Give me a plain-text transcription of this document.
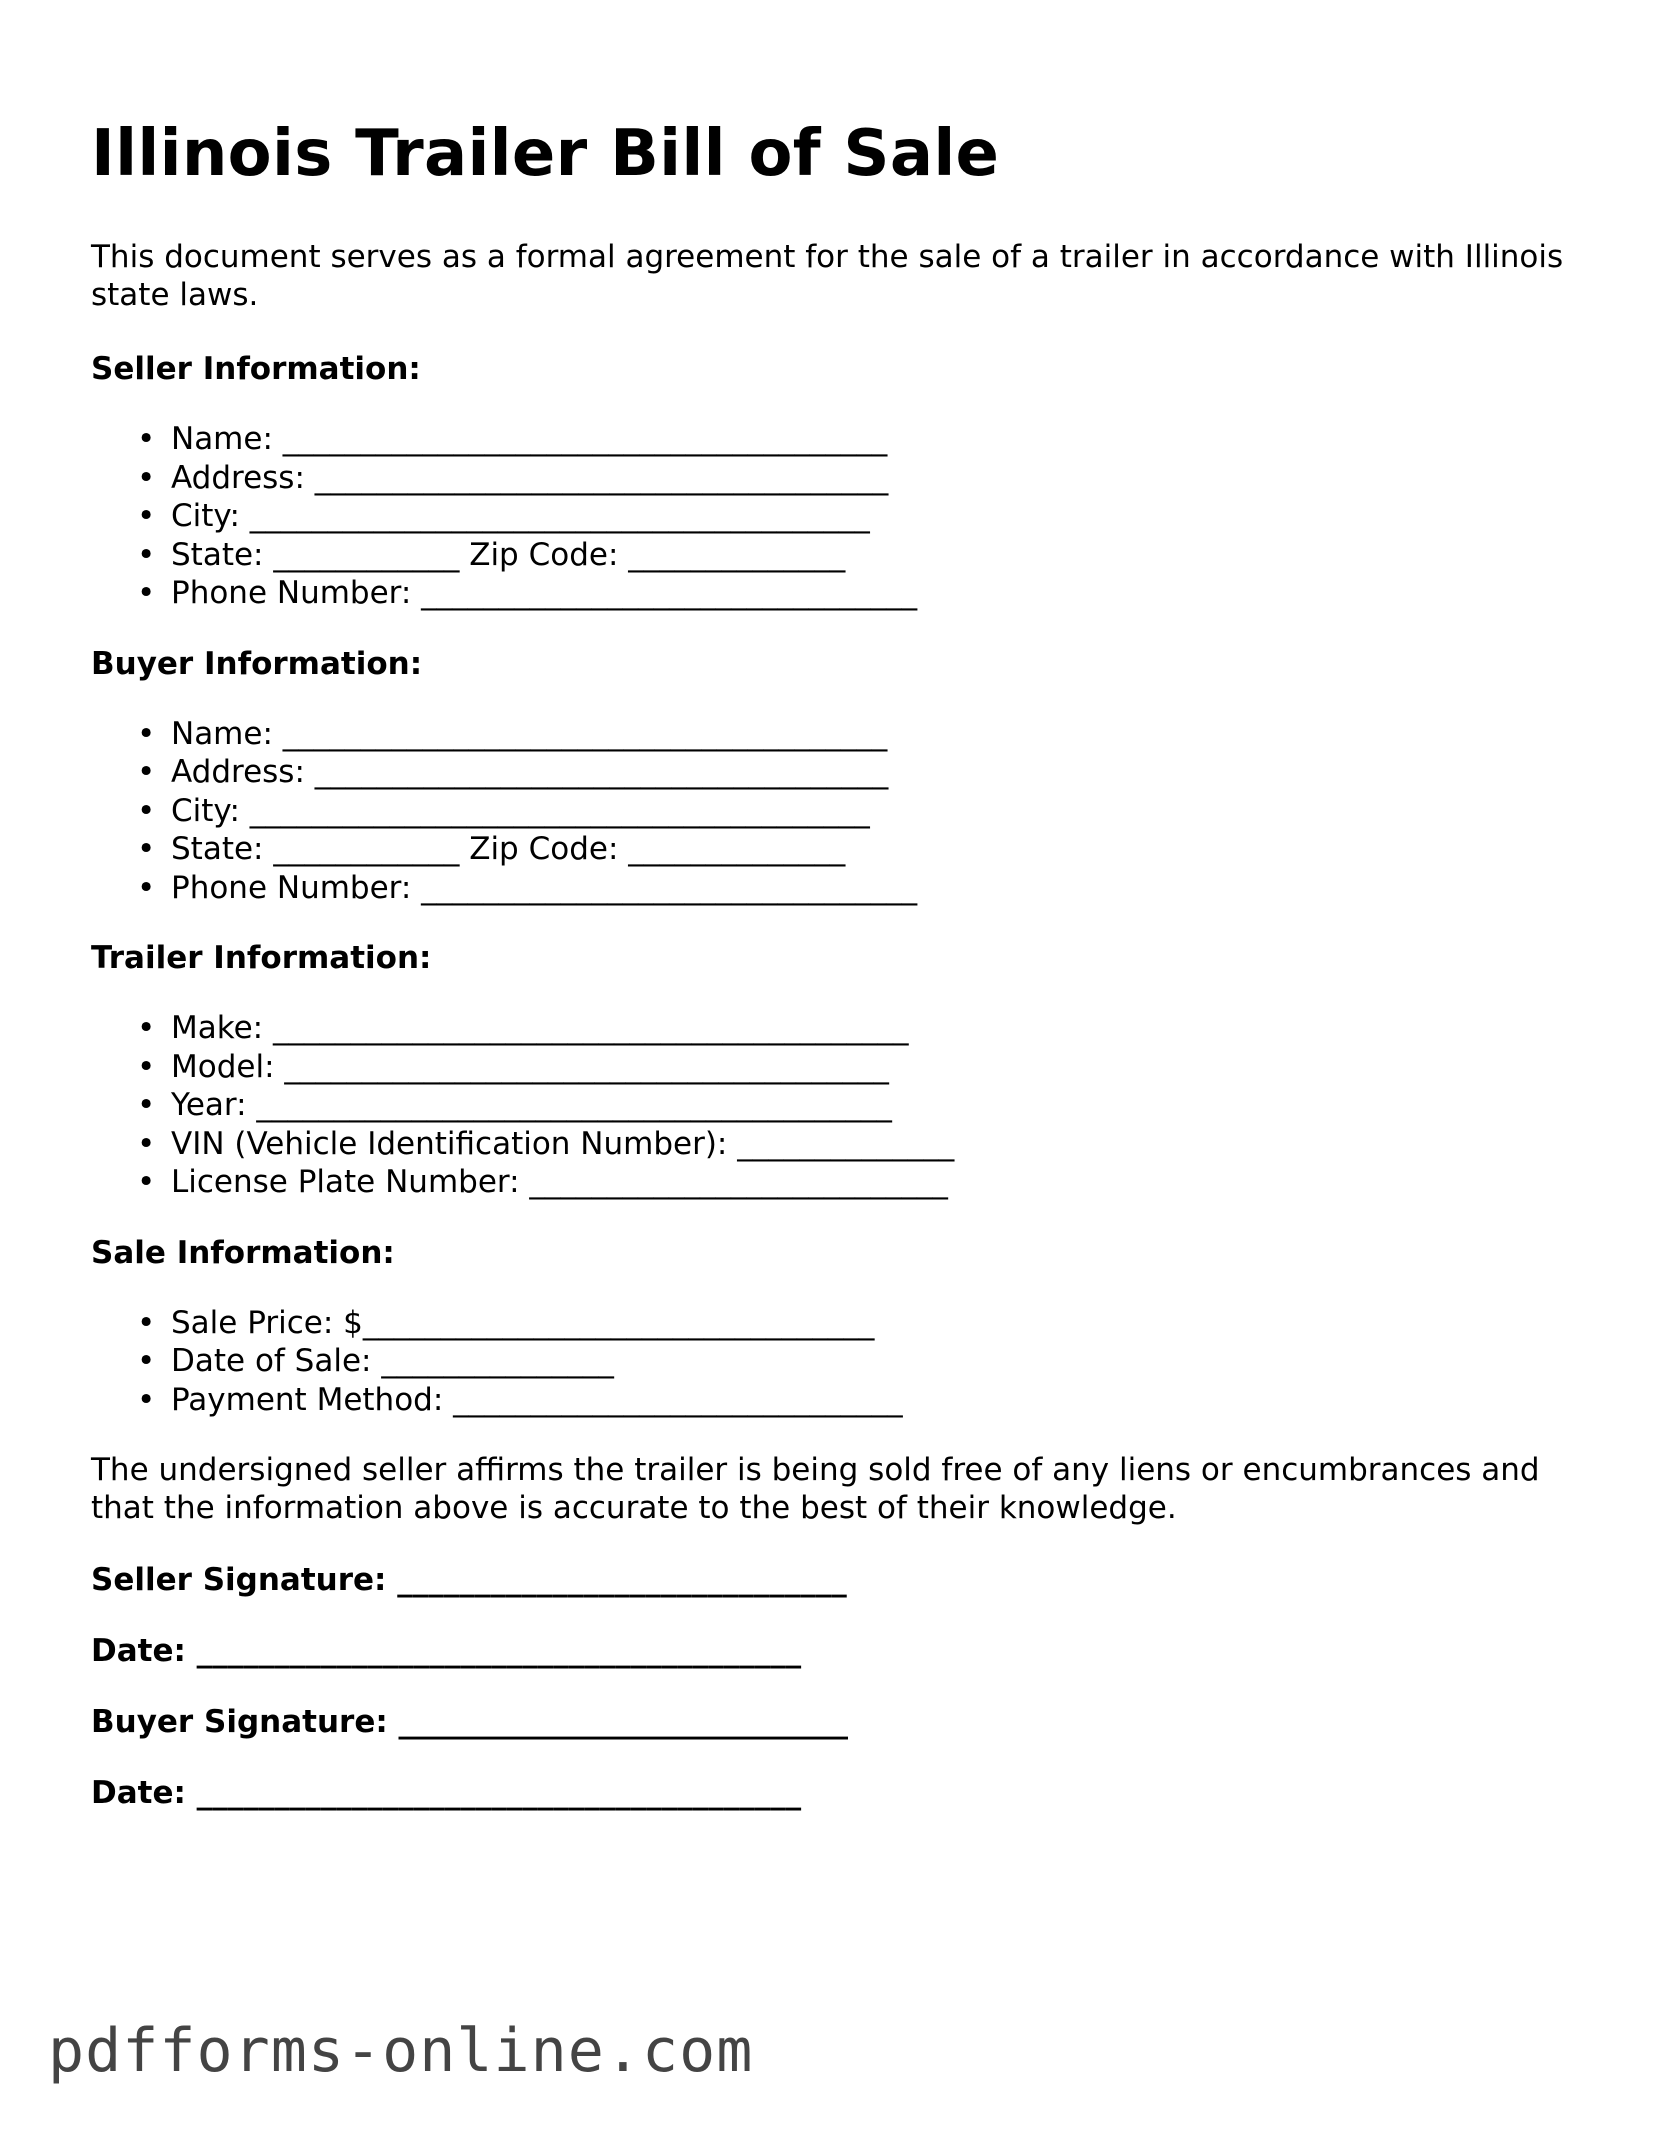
Illinois Trailer Bill of Sale

This document serves as a formal agreement for the sale of a trailer in accordance with Illinois state laws.

Seller Information:
• Name: _______________________________________
• Address: _____________________________________
• City: ________________________________________
• State: ____________ Zip Code: ______________
• Phone Number: ________________________________
Buyer Information:
• Name: _______________________________________
• Address: _____________________________________
• City: ________________________________________
• State: ____________ Zip Code: ______________
• Phone Number: ________________________________
Trailer Information:
• Make: _________________________________________
• Model: _______________________________________
• Year: _________________________________________
• VIN (Vehicle Identification Number): ______________
• License Plate Number: ___________________________
Sale Information:
• Sale Price: $_________________________________
• Date of Sale: _______________
• Payment Method: _____________________________

The undersigned seller affirms the trailer is being sold free of any liens or encumbrances and that the information above is accurate to the best of their knowledge.

Seller Signature: _____________________________
Date: _______________________________________
Buyer Signature: _____________________________
Date: _______________________________________
pdfforms-online.com
